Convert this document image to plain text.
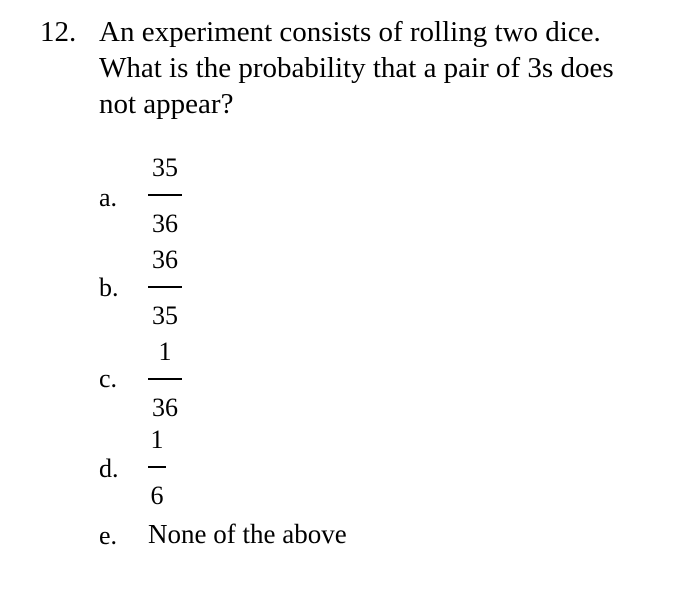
12. An experiment consists of rolling two dice.
What is the probability that a pair of 3s does
not appear?
a.
35
36
b.
36
35
c.
1
36
d.
1
6
e. None of the above
